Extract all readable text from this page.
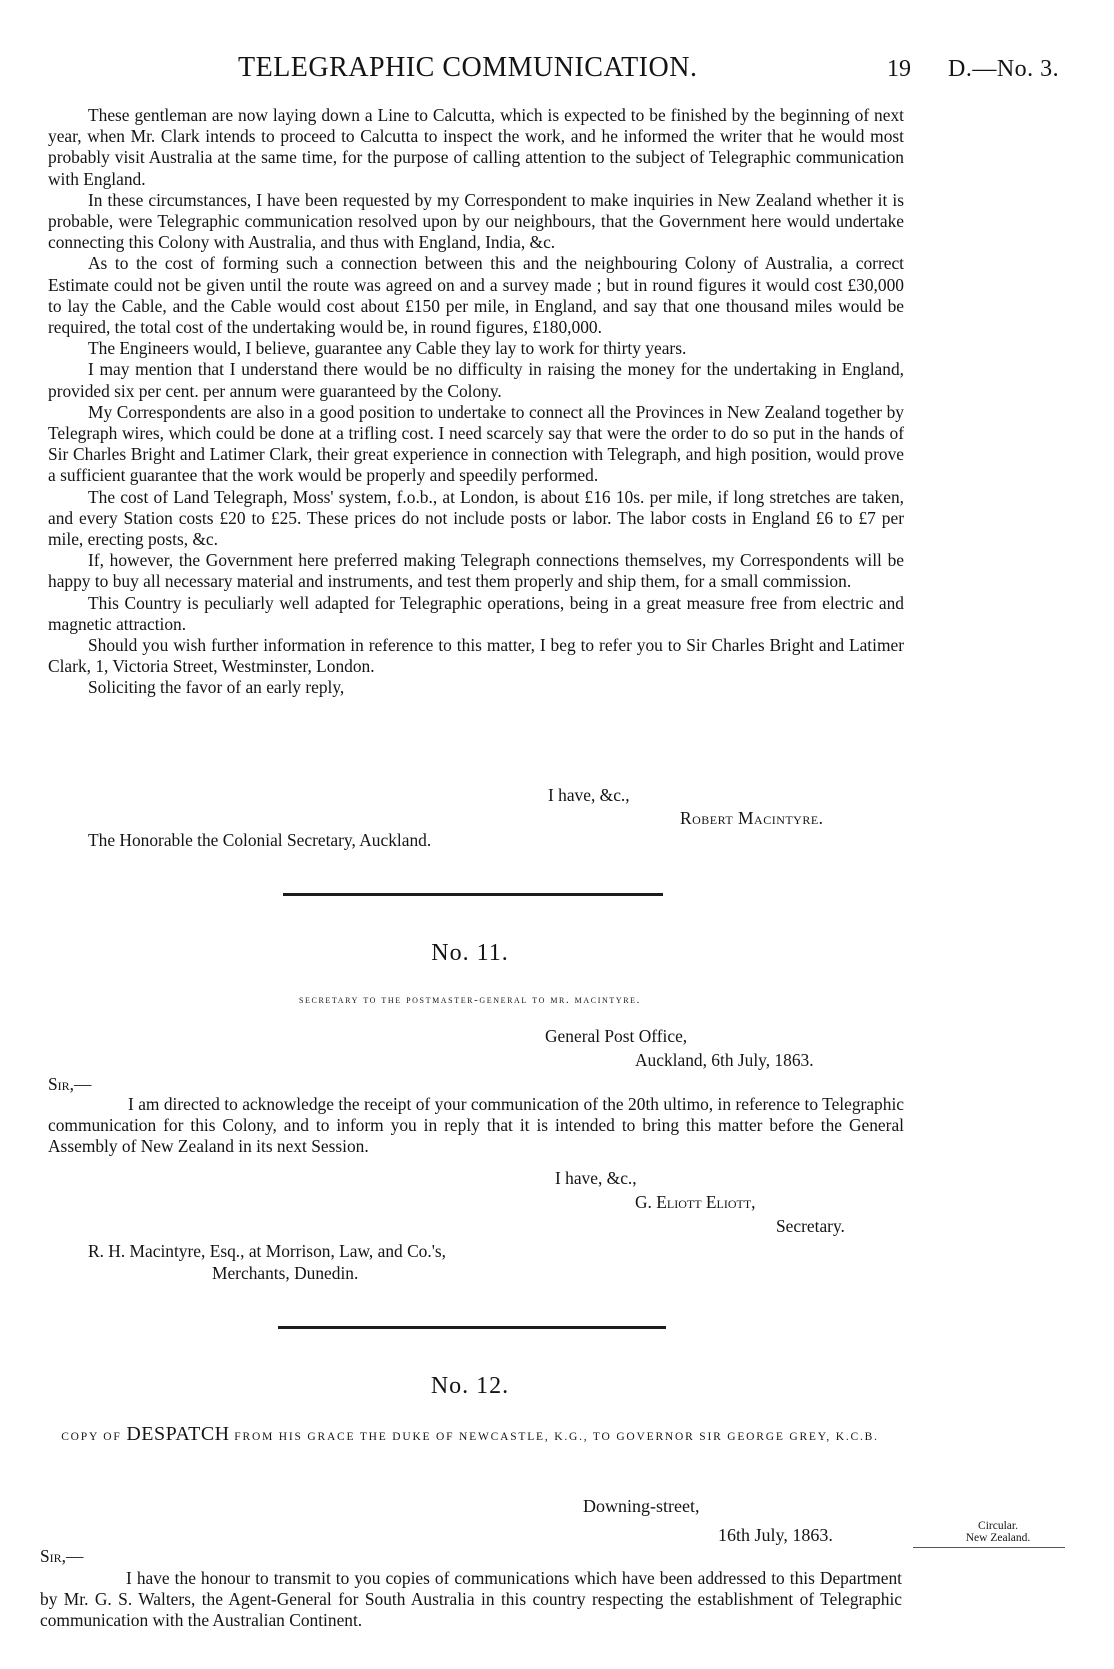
TELEGRAPHIC COMMUNICATION.	19 D.—No. 3.

These gentleman are now laying down a Line to Calcutta, which is expected to be finished by the beginning of next year, when Mr. Clark intends to proceed to Calcutta to inspect the work, and he informed the writer that he would most probably visit Australia at the same time, for the purpose of calling attention to the subject of Telegraphic communication with England.

In these circumstances, I have been requested by my Correspondent to make inquiries in New Zealand whether it is probable, were Telegraphic communication resolved upon by our neighbours, that the Government here would undertake connecting this Colony with Australia, and thus with England, India, &c.

As to the cost of forming such a connection between this and the neighbouring Colony of Australia, a correct Estimate could not be given until the route was agreed on and a survey made ; but in round figures it would cost £30,000 to lay the Cable, and the Cable would cost about £150 per mile, in England, and say that one thousand miles would be required, the total cost of the undertaking would be, in round figures, £180,000.

The Engineers would, I believe, guarantee any Cable they lay to work for thirty years.

I may mention that I understand there would be no difficulty in raising the money for the undertaking in England, provided six per cent. per annum were guaranteed by the Colony.

My Correspondents are also in a good position to undertake to connect all the Provinces in New Zealand together by Telegraph wires, which could be done at a trifling cost. I need scarcely say that were the order to do so put in the hands of Sir Charles Bright and Latimer Clark, their great experience in connection with Telegraph, and high position, would prove a sufficient guarantee that the work would be properly and speedily performed.

The cost of Land Telegraph, Moss' system, f.o.b., at London, is about £16 10s. per mile, if long stretches are taken, and every Station costs £20 to £25. These prices do not include posts or labor. The labor costs in England £6 to £7 per mile, erecting posts, &c.

If, however, the Government here preferred making Telegraph connections themselves, my Correspondents will be happy to buy all necessary material and instruments, and test them properly and ship them, for a small commission.

This Country is peculiarly well adapted for Telegraphic operations, being in a great measure free from electric and magnetic attraction.

Should you wish further information in reference to this matter, I beg to refer you to Sir Charles Bright and Latimer Clark, 1, Victoria Street, Westminster, London.

Soliciting the favor of an early reply,

I have, &c.,
Robert Macintyre.
The Honorable the Colonial Secretary, Auckland.
No. 11.
secretary to the postmaster-general to mr. macintyre.
General Post Office,
Auckland, 6th July, 1863.
Sir,—

I am directed to acknowledge the receipt of your communication of the 20th ultimo, in reference to Telegraphic communication for this Colony, and to inform you in reply that it is intended to bring this matter before the General Assembly of New Zealand in its next Session.

I have, &c.,
G. Eliott Eliott,
Secretary.
R. H. Macintyre, Esq., at Morrison, Law, and Co.'s,
Merchants, Dunedin.
No. 12.
COPY OF DESPATCH FROM HIS GRACE THE DUKE OF NEWCASTLE, K.G., TO GOVERNOR SIR GEORGE GREY, K.C.B.
Downing-street,
16th July, 1863.	Circular.
New Zealand.
Sir,—

I have the honour to transmit to you copies of communications which have been addressed to this Department by Mr. G. S. Walters, the Agent-General for South Australia in this country respecting the establishment of Telegraphic communication with the Australian Continent.
